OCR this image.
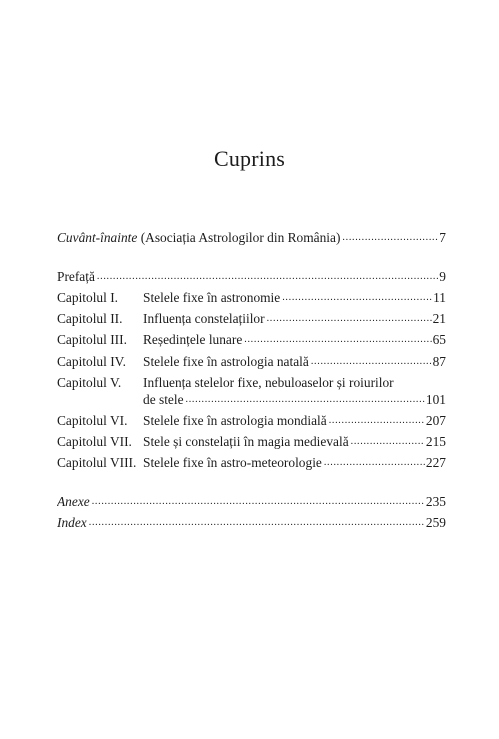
Cuprins
Cuvânt-înainte (Asociația Astrologilor din România) .....	7
Prefață .....	9
Capitolul I.	Stelele fixe în astronomie .....	11
Capitolul II.	Influența constelațiilor .....	21
Capitolul III.	Reședințele lunare .....	65
Capitolul IV.	Stelele fixe în astrologia natală .....	87
Capitolul V.	Influența stelelor fixe, nebuloaselor și roiurilor
de stele .....	101
Capitolul VI.	Stelele fixe în astrologia mondială .....	207
Capitolul VII. Stele și constelații în magia medievală .....	215
Capitolul VIII. Stelele fixe în astro-meteorologie .....	227
Anexe .....	235
Index .....	259
